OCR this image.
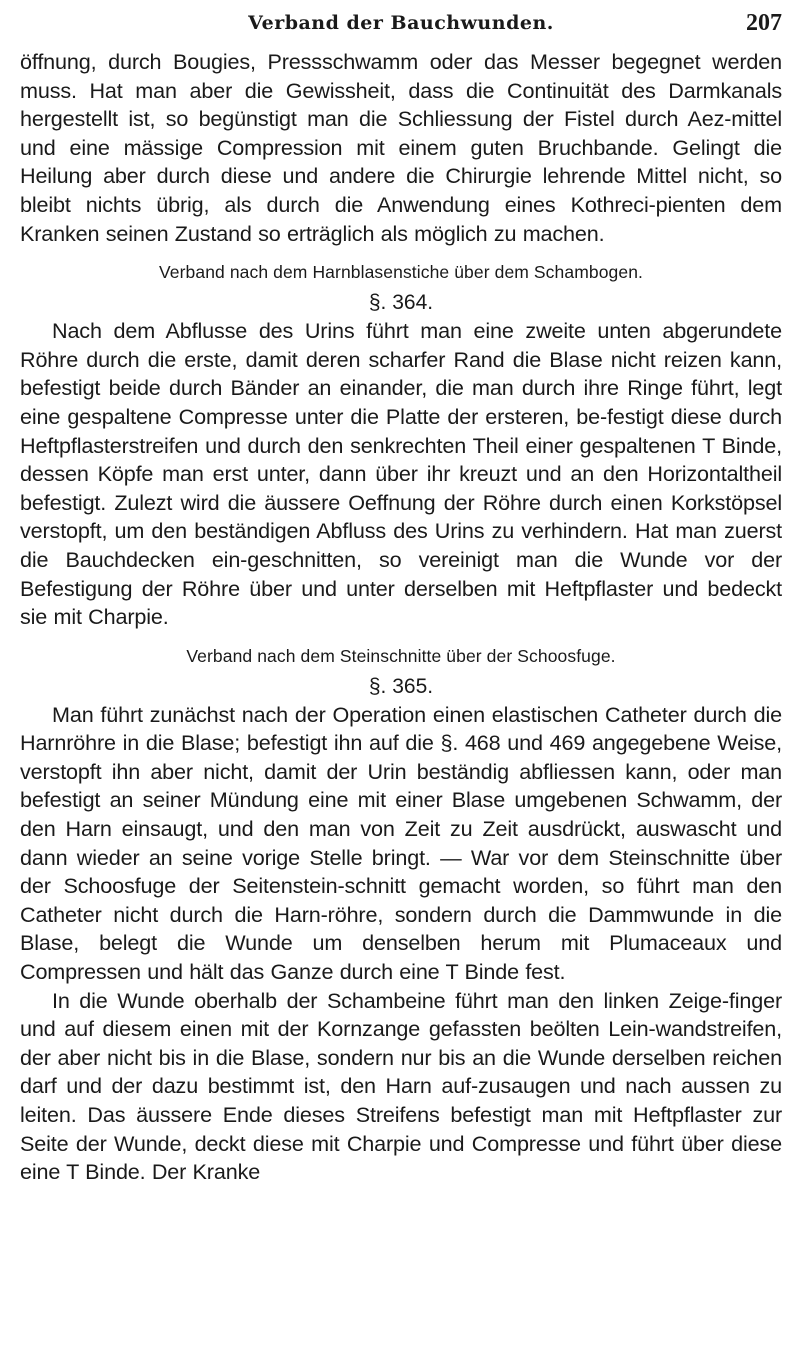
Verband der Bauchwunden.	207

öffnung, durch Bougies, Pressschwamm oder das Messer begegnet werden muss. Hat man aber die Gewissheit, dass die Continuität des Darmkanals hergestellt ist, so begünstigt man die Schliessung der Fistel durch Aez-mittel und eine mässige Compression mit einem guten Bruchbande. Gelingt die Heilung aber durch diese und andere die Chirurgie lehrende Mittel nicht, so bleibt nichts übrig, als durch die Anwendung eines Kothreci-pienten dem Kranken seinen Zustand so erträglich als möglich zu machen.

Verband nach dem Harnblasenstiche über dem Schambogen.
§. 364.

Nach dem Abflusse des Urins führt man eine zweite unten abgerundete Röhre durch die erste, damit deren scharfer Rand die Blase nicht reizen kann, befestigt beide durch Bänder an einander, die man durch ihre Ringe führt, legt eine gespaltene Compresse unter die Platte der ersteren, be-festigt diese durch Heftpflasterstreifen und durch den senkrechten Theil einer gespaltenen T Binde, dessen Köpfe man erst unter, dann über ihr kreuzt und an den Horizontaltheil befestigt. Zulezt wird die äussere Oeffnung der Röhre durch einen Korkstöpsel verstopft, um den beständigen Abfluss des Urins zu verhindern. Hat man zuerst die Bauchdecken ein-geschnitten, so vereinigt man die Wunde vor der Befestigung der Röhre über und unter derselben mit Heftpflaster und bedeckt sie mit Charpie.

Verband nach dem Steinschnitte über der Schoosfuge.
§. 365.

Man führt zunächst nach der Operation einen elastischen Catheter durch die Harnröhre in die Blase; befestigt ihn auf die §. 468 und 469 angegebene Weise, verstopft ihn aber nicht, damit der Urin beständig abfliessen kann, oder man befestigt an seiner Mündung eine mit einer Blase umgebenen Schwamm, der den Harn einsaugt, und den man von Zeit zu Zeit ausdrückt, auswascht und dann wieder an seine vorige Stelle bringt. — War vor dem Steinschnitte über der Schoosfuge der Seitenstein-schnitt gemacht worden, so führt man den Catheter nicht durch die Harn-röhre, sondern durch die Dammwunde in die Blase, belegt die Wunde um denselben herum mit Plumaceaux und Compressen und hält das Ganze durch eine T Binde fest.

In die Wunde oberhalb der Schambeine führt man den linken Zeige-finger und auf diesem einen mit der Kornzange gefassten beölten Lein-wandstreifen, der aber nicht bis in die Blase, sondern nur bis an die Wunde derselben reichen darf und der dazu bestimmt ist, den Harn auf-zusaugen und nach aussen zu leiten. Das äussere Ende dieses Streifens befestigt man mit Heftpflaster zur Seite der Wunde, deckt diese mit Charpie und Compresse und führt über diese eine T Binde. Der Kranke
